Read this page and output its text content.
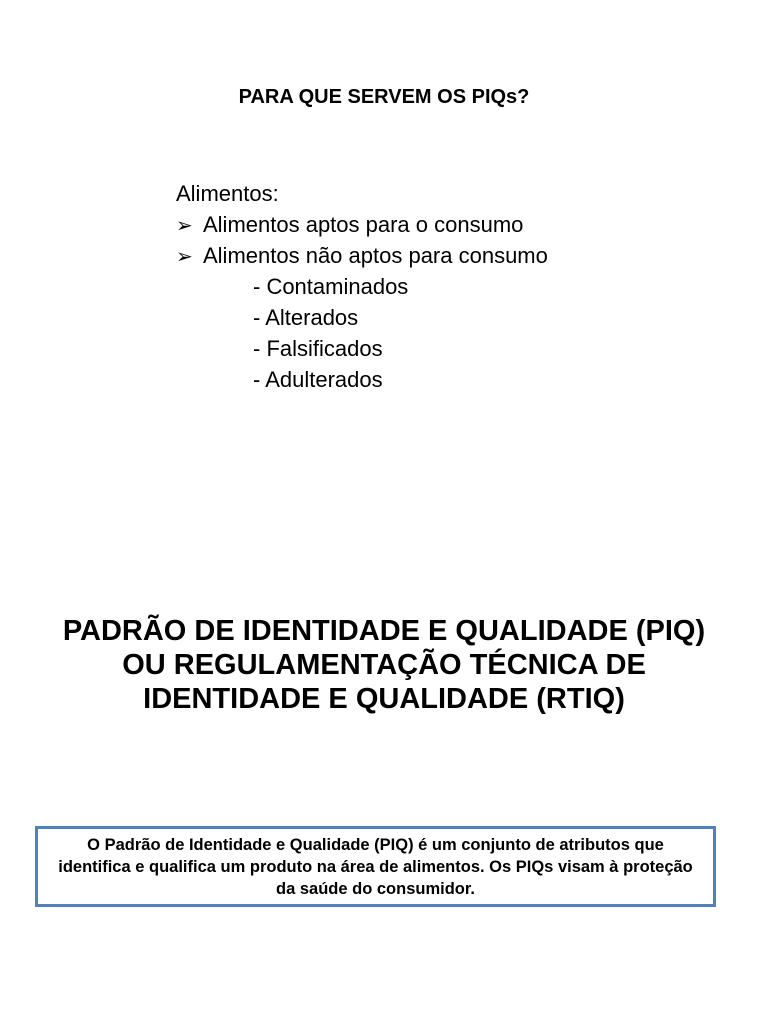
PARA QUE SERVEM OS PIQs?
Alimentos:
➢ Alimentos aptos para o consumo
➢ Alimentos não aptos para consumo
- Contaminados
- Alterados
- Falsificados
- Adulterados
PADRÃO DE IDENTIDADE E QUALIDADE (PIQ)
OU REGULAMENTAÇÃO TÉCNICA DE
IDENTIDADE E QUALIDADE (RTIQ)
O Padrão de Identidade e Qualidade (PIQ) é um conjunto de atributos que identifica e qualifica um produto na área de alimentos. Os PIQs visam à proteção da saúde do consumidor.
